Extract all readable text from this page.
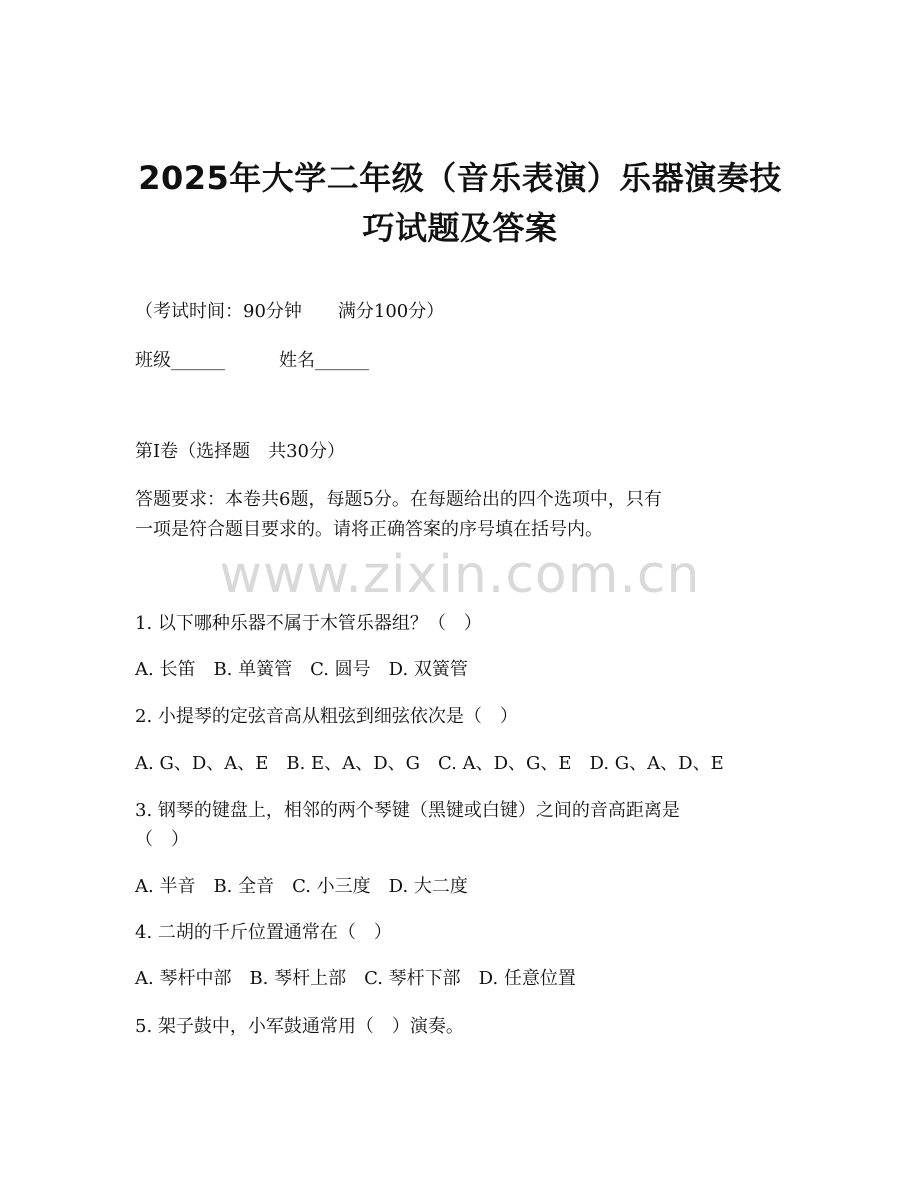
2025年大学二年级（音乐表演）乐器演奏技
巧试题及答案
（考试时间：90分钟　　满分100分）
班级______　　　姓名______
第Ⅰ卷（选择题　共30分）
答题要求：本卷共6题，每题5分。在每题给出的四个选项中，只有
一项是符合题目要求的。请将正确答案的序号填在括号内。
www.zixin.com.cn
1. 以下哪种乐器不属于木管乐器组？（　）
A. 长笛　B. 单簧管　C. 圆号　D. 双簧管
2. 小提琴的定弦音高从粗弦到细弦依次是（　）
A. G、D、A、E　B. E、A、D、G　C. A、D、G、E　D. G、A、D、E
3. 钢琴的键盘上，相邻的两个琴键（黑键或白键）之间的音高距离是
（　）
A. 半音　B. 全音　C. 小三度　D. 大二度
4. 二胡的千斤位置通常在（　）
A. 琴杆中部　B. 琴杆上部　C. 琴杆下部　D. 任意位置
5. 架子鼓中，小军鼓通常用（　）演奏。
